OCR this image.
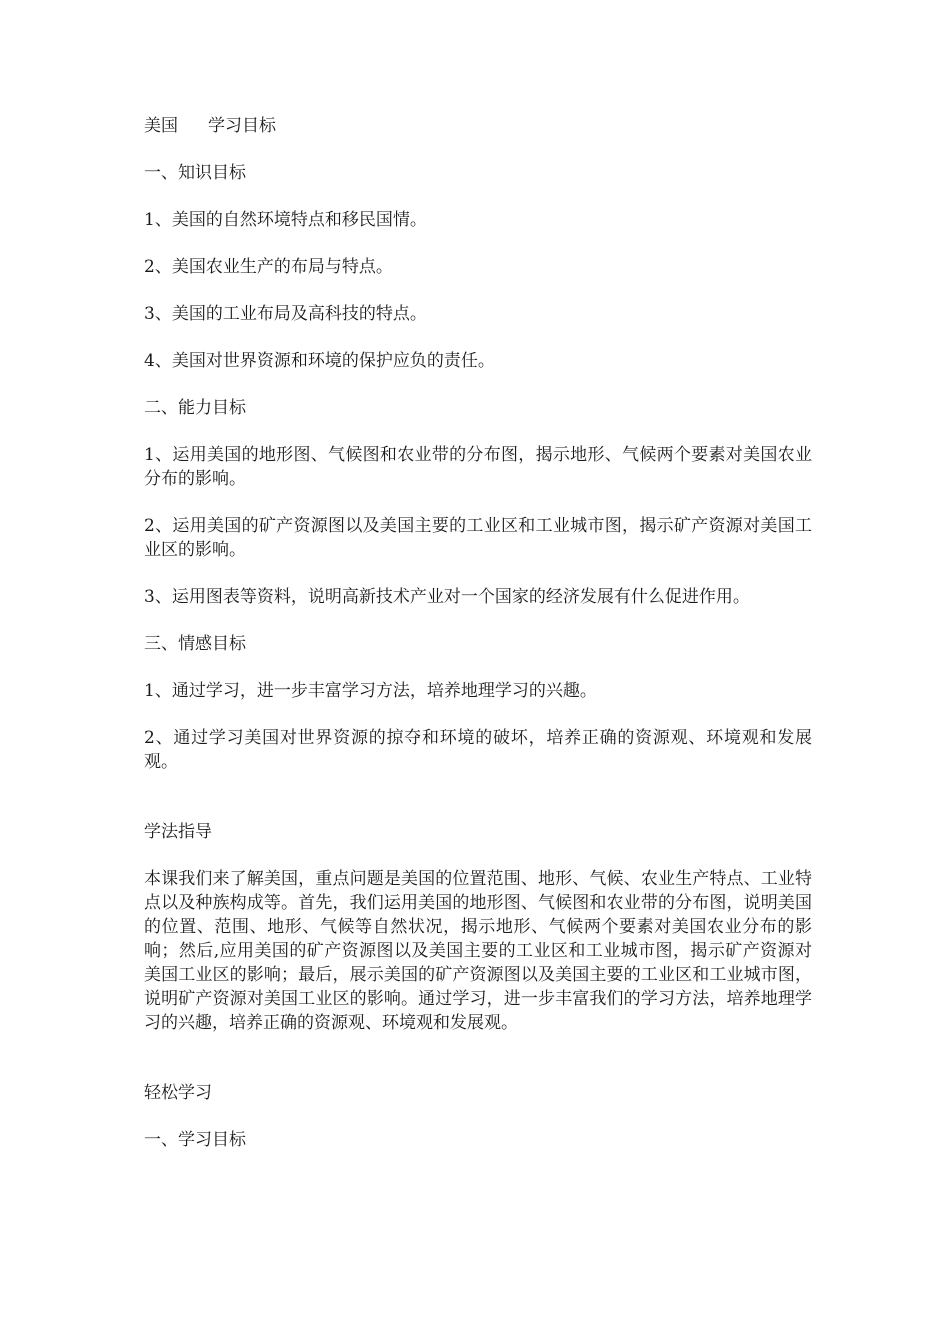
美国 学习目标

一、知识目标

1、美国的自然环境特点和移民国情。

2、美国农业生产的布局与特点。

3、美国的工业布局及高科技的特点。

4、美国对世界资源和环境的保护应负的责任。

二、能力目标

1、运用美国的地形图、气候图和农业带的分布图，揭示地形、气候两个要素对美国农业分布的影响。

2、运用美国的矿产资源图以及美国主要的工业区和工业城市图，揭示矿产资源对美国工业区的影响。

3、运用图表等资料，说明高新技术产业对一个国家的经济发展有什么促进作用。

三、情感目标

1、通过学习，进一步丰富学习方法，培养地理学习的兴趣。

2、通过学习美国对世界资源的掠夺和环境的破坏，培养正确的资源观、环境观和发展观。

学法指导

本课我们来了解美国，重点问题是美国的位置范围、地形、气候、农业生产特点、工业特点以及种族构成等。首先，我们运用美国的地形图、气候图和农业带的分布图，说明美国的位置、范围、地形、气候等自然状况，揭示地形、气候两个要素对美国农业分布的影响；然后,应用美国的矿产资源图以及美国主要的工业区和工业城市图，揭示矿产资源对美国工业区的影响；最后，展示美国的矿产资源图以及美国主要的工业区和工业城市图，说明矿产资源对美国工业区的影响。通过学习，进一步丰富我们的学习方法，培养地理学习的兴趣，培养正确的资源观、环境观和发展观。

轻松学习

一、学习目标
